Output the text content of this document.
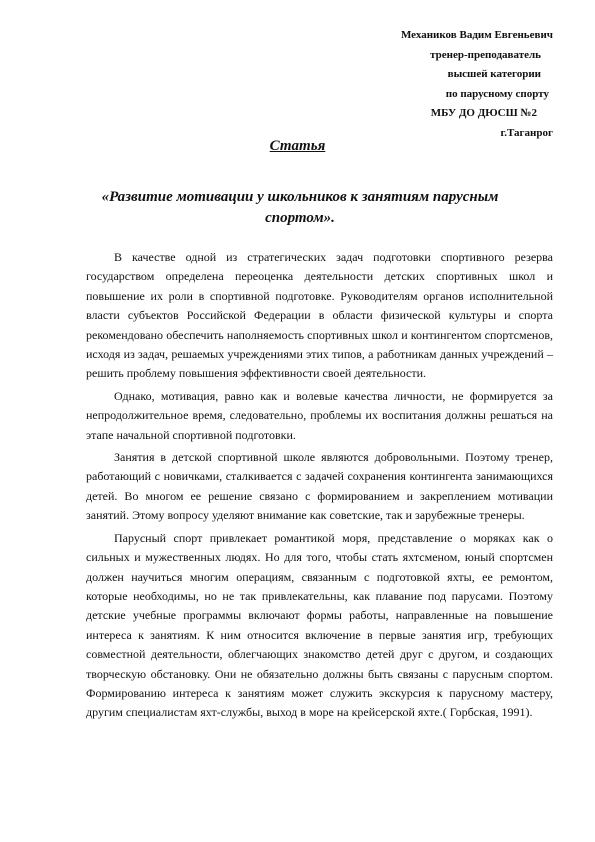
Механиков Вадим Евгеньевич
тренер-преподаватель
высшей категории
по парусному спорту
МБУ ДО ДЮСШ №2
г.Таганрог
Статья
«Развитие мотивации у школьников к занятиям парусным спортом».

В качестве одной из стратегических задач подготовки спортивного резерва государством определена переоценка деятельности детских спортивных школ и повышение их роли в спортивной подготовке. Руководителям органов исполнительной власти субъектов Российской Федерации в области физической культуры и спорта рекомендовано обеспечить наполняемость спортивных школ и контингентом спортсменов, исходя из задач, решаемых учреждениями этих типов, а работникам данных учреждений – решить проблему повышения эффективности своей деятельности.

Однако, мотивация, равно как и волевые качества личности, не формируется за непродолжительное время, следовательно, проблемы их воспитания должны решаться на этапе начальной спортивной подготовки.

Занятия в детской спортивной школе являются добровольными. Поэтому тренер, работающий с новичками, сталкивается с задачей сохранения контингента занимающихся детей. Во многом ее решение связано с формированием и закреплением мотивации занятий. Этому вопросу уделяют внимание как советские, так и зарубежные тренеры.

Парусный спорт привлекает романтикой моря, представление о моряках как о сильных и мужественных людях. Но для того, чтобы стать яхтсменом, юный спортсмен должен научиться многим операциям, связанным с подготовкой яхты, ее ремонтом, которые необходимы, но не так привлекательны, как плавание под парусами. Поэтому детские учебные программы включают формы работы, направленные на повышение интереса к занятиям. К ним относится включение в первые занятия игр, требующих совместной деятельности, облегчающих знакомство детей друг с другом, и создающих творческую обстановку. Они не обязательно должны быть связаны с парусным спортом. Формированию интереса к занятиям может служить экскурсия к парусному мастеру, другим специалистам яхт-службы, выход в море на крейсерской яхте.( Горбская, 1991).
